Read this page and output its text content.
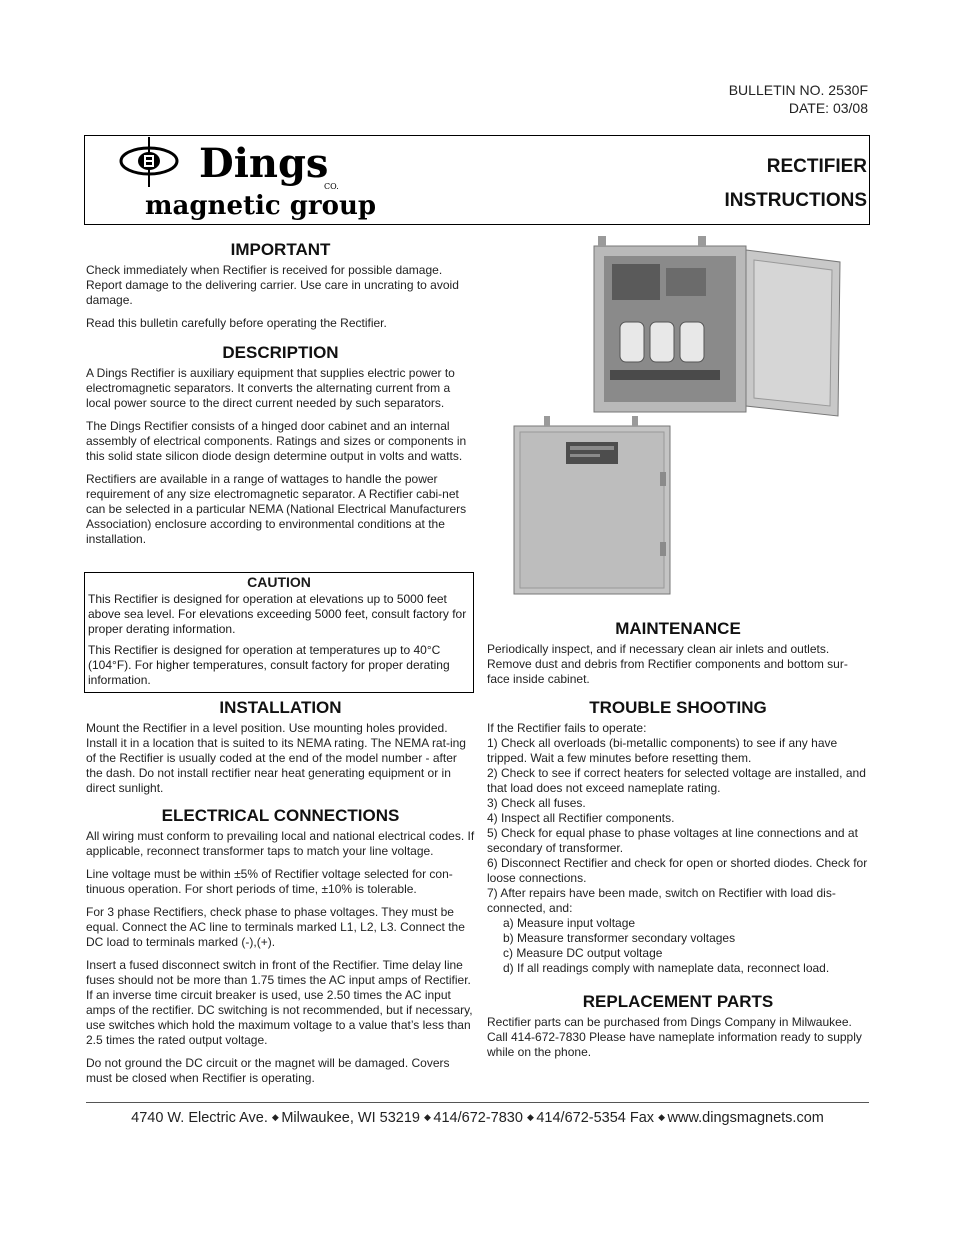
BULLETIN NO. 2530F
DATE: 03/08
Dings
CO.
magnetic group
RECTIFIER
INSTRUCTIONS
IMPORTANT

Check immediately when Rectifier is received for possible damage. Report damage to the delivering carrier. Use care in uncrating to avoid damage.

Read this bulletin carefully before operating the Rectifier.

DESCRIPTION

A Dings Rectifier is auxiliary equipment that supplies electric power to electromagnetic separators. It converts the alternating current from a local power source to the direct current needed by such separators.

The Dings Rectifier consists of a hinged door cabinet and an internal assembly of electrical components. Ratings and sizes or components in this solid state silicon diode design determine output in volts and watts.

Rectifiers are available in a range of wattages to handle the power requirement of any size electromagnetic separator. A Rectifier cabi-net can be selected in a particular NEMA (National Electrical Manufacturers Association) enclosure according to environmental conditions at the installation.

CAUTION

This Rectifier is designed for operation at elevations up to 5000 feet above sea level. For elevations exceeding 5000 feet, consult factory for proper derating information.

This Rectifier is designed for operation at temperatures up to 40°C (104°F). For higher temperatures, consult factory for proper derating information.

INSTALLATION

Mount the Rectifier in a level position. Use mounting holes provided. Install it in a location that is suited to its NEMA rating. The NEMA rat-ing of the Rectifier is usually coded at the end of the model number - after the dash. Do not install rectifier near heat generating equipment or in direct sunlight.

ELECTRICAL CONNECTIONS

All wiring must conform to prevailing local and national electrical codes. If applicable, reconnect transformer taps to match your line voltage.

Line voltage must be within ±5% of Rectifier voltage selected for con-tinuous operation. For short periods of time, ±10% is tolerable.

For 3 phase Rectifiers, check phase to phase voltages. They must be equal. Connect the AC line to terminals marked L1, L2, L3. Connect the DC load to terminals marked (-),(+).

Insert a fused disconnect switch in front of the Rectifier. Time delay line fuses should not be more than 1.75 times the AC input amps of Rectifier. If an inverse time circuit breaker is used, use 2.50 times the AC input amps of the rectifier. DC switching is not recommended, but if necessary, use switches which hold the maximum voltage to a value that’s less than 2.5 times the rated output voltage.

Do not ground the DC circuit or the magnet will be damaged. Covers must be closed when Rectifier is operating.

MAINTENANCE

Periodically inspect, and if necessary clean air inlets and outlets. Remove dust and debris from Rectifier components and bottom sur-face inside cabinet.

TROUBLE SHOOTING
If the Rectifier fails to operate:
1) Check all overloads (bi-metallic components) to see if any have tripped. Wait a few minutes before resetting them.
2) Check to see if correct heaters for selected voltage are installed, and that load does not exceed nameplate rating.
3) Check all fuses.
4) Inspect all Rectifier components.
5) Check for equal phase to phase voltages at line connections and at secondary of transformer.
6) Disconnect Rectifier and check for open or shorted diodes. Check for loose connections.
7) After repairs have been made, switch on Rectifier with load dis-connected, and:
a) Measure input voltage
b) Measure transformer secondary voltages
c) Measure DC output voltage
d) If all readings comply with nameplate data, reconnect load.
REPLACEMENT PARTS

Rectifier parts can be purchased from Dings Company in Milwaukee. Call 414-672-7830 Please have nameplate information ready to supply while on the phone.

4740 W. Electric Ave. ◆ Milwaukee, WI 53219 ◆ 414/672-7830 ◆ 414/672-5354 Fax ◆ www.dingsmagnets.com
